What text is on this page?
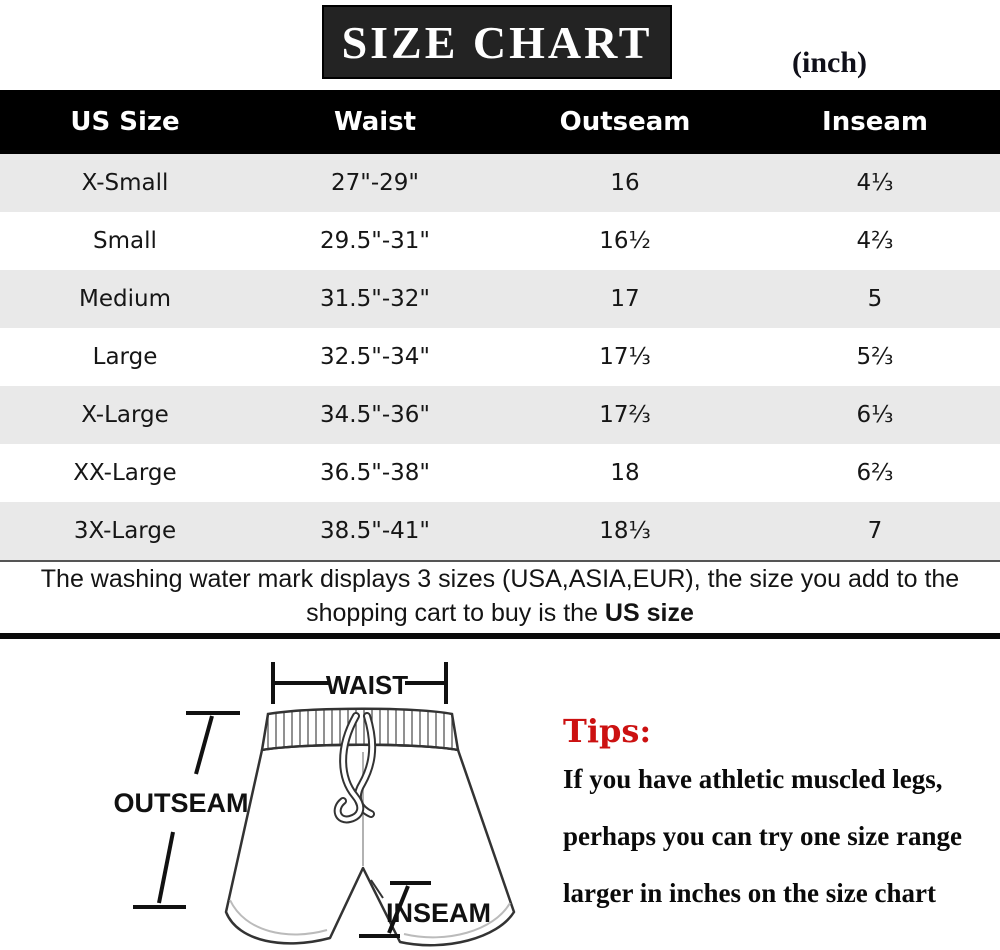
SIZE CHART	(inch)
US Size	Waist	Outseam	Inseam
X-Small	27"-29"	16	4⅓
Small	29.5"-31"	16½	4⅔
Medium	31.5"-32"	17	5
Large	32.5"-34"	17⅓	5⅔
X-Large	34.5"-36"	17⅔	6⅓
XX-Large	36.5"-38"	18	6⅔
3X-Large	38.5"-41"	18⅓	7
The washing water mark displays 3 sizes (USA,ASIA,EUR), the size you add to the
shopping cart to buy is the US size
WAIST
OUTSEAM
INSEAM
Tips:
If you have athletic muscled legs,
perhaps you can try one size range
larger in inches on the size chart
